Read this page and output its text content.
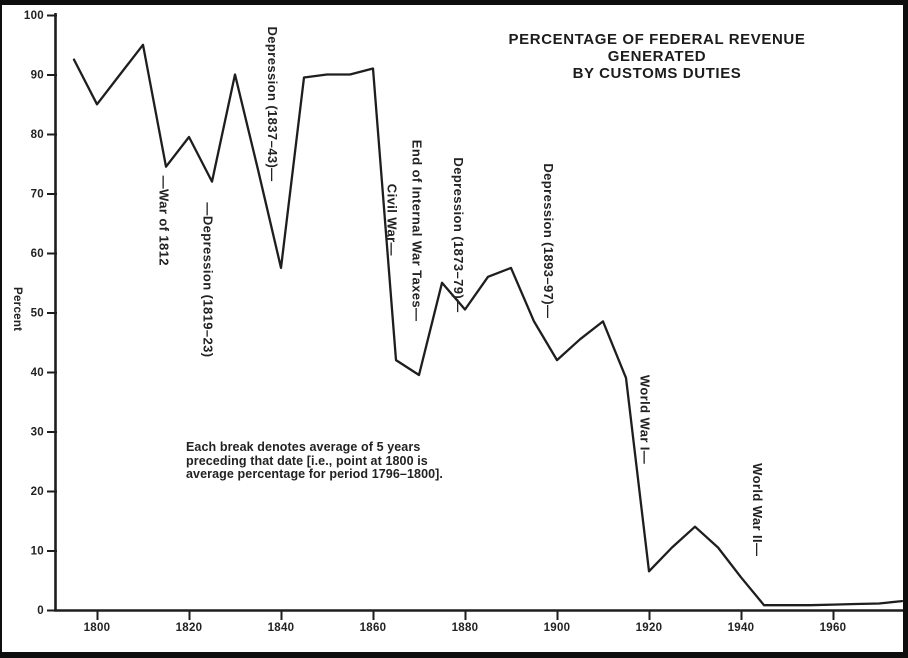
0
10
20
30
40
50
60
70
80
90
100
1800	1820	1840	1860	1880	1900	1920	1940	1960
Percent
—War of 1812 —Depression (1819–23)
Depression (1837–43)—
Civil War— End of Internal War Taxes— Depression (1873–79)—	Depression (1893–97)—
World War I—
World War II—
PERCENTAGE OF FEDERAL REVENUE GENERATED
BY CUSTOMS DUTIES
Each break denotes average of 5 years
preceding that date [i.e., point at 1800 is
average percentage for period 1796–1800].
